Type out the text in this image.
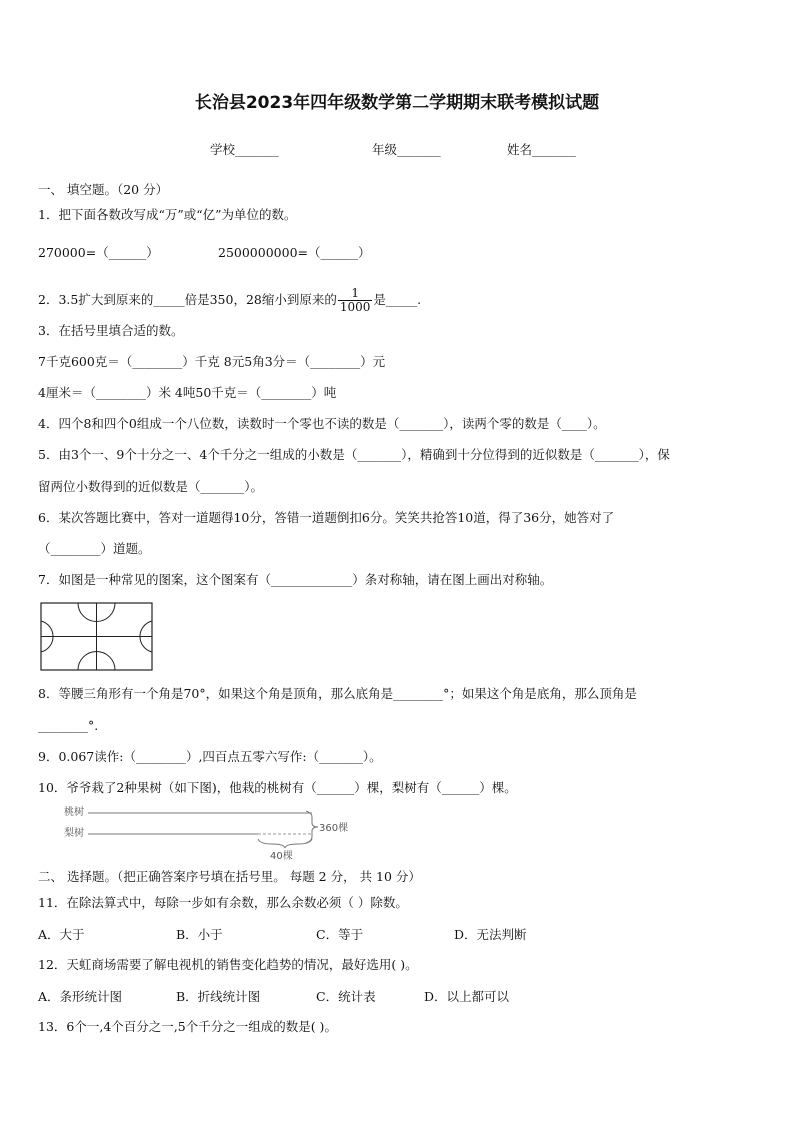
长治县2023年四年级数学第二学期期末联考模拟试题
学校_______	年级_______	姓名_______
一、 填空题。（20 分）
1．把下面各数改写成“万”或“亿”为单位的数。
270000=（______）	2500000000=（______）
2．3.5扩大到原来的_____倍是350，28缩小到原来的 $\frac{1}{1000}$ 是_____.
3．在括号里填合适的数。
7千克600克＝（________）千克 8元5角3分＝（________）元
4厘米＝（________）米 4吨50千克＝（________）吨
4．四个8和四个0组成一个八位数，读数时一个零也不读的数是（_______），读两个零的数是（____）。
5．由3个一、9个十分之一、4个千分之一组成的小数是（_______），精确到十分位得到的近似数是（_______），保
留两位小数得到的近似数是（_______）。
6．某次答题比赛中，答对一道题得10分，答错一道题倒扣6分。笑笑共抢答10道，得了36分，她答对了
（________）道题。
7．如图是一种常见的图案，这个图案有（_____________）条对称轴，请在图上画出对称轴。
8．等腰三角形有一个角是70°，如果这个角是顶角，那么底角是________°；如果这个角是底角，那么顶角是
________°.
9．0.067读作:（________）,四百点五零六写作:（_______）。
10．爷爷栽了2种果树（如下图)，他栽的桃树有（______）棵，梨树有（______）棵。
桃树
梨树	360棵
40棵
二、 选择题。（把正确答案序号填在括号里。 每题 2 分， 共 10 分）
11．在除法算式中，每除一步如有余数，那么余数必须（ ）除数。
A．大于	B．小于	C．等于	D．无法判断
12．天虹商场需要了解电视机的销售变化趋势的情况，最好选用( )。
A．条形统计图	B．折线统计图	C．统计表	D．以上都可以
13．6个一,4个百分之一,5个千分之一组成的数是( )。
